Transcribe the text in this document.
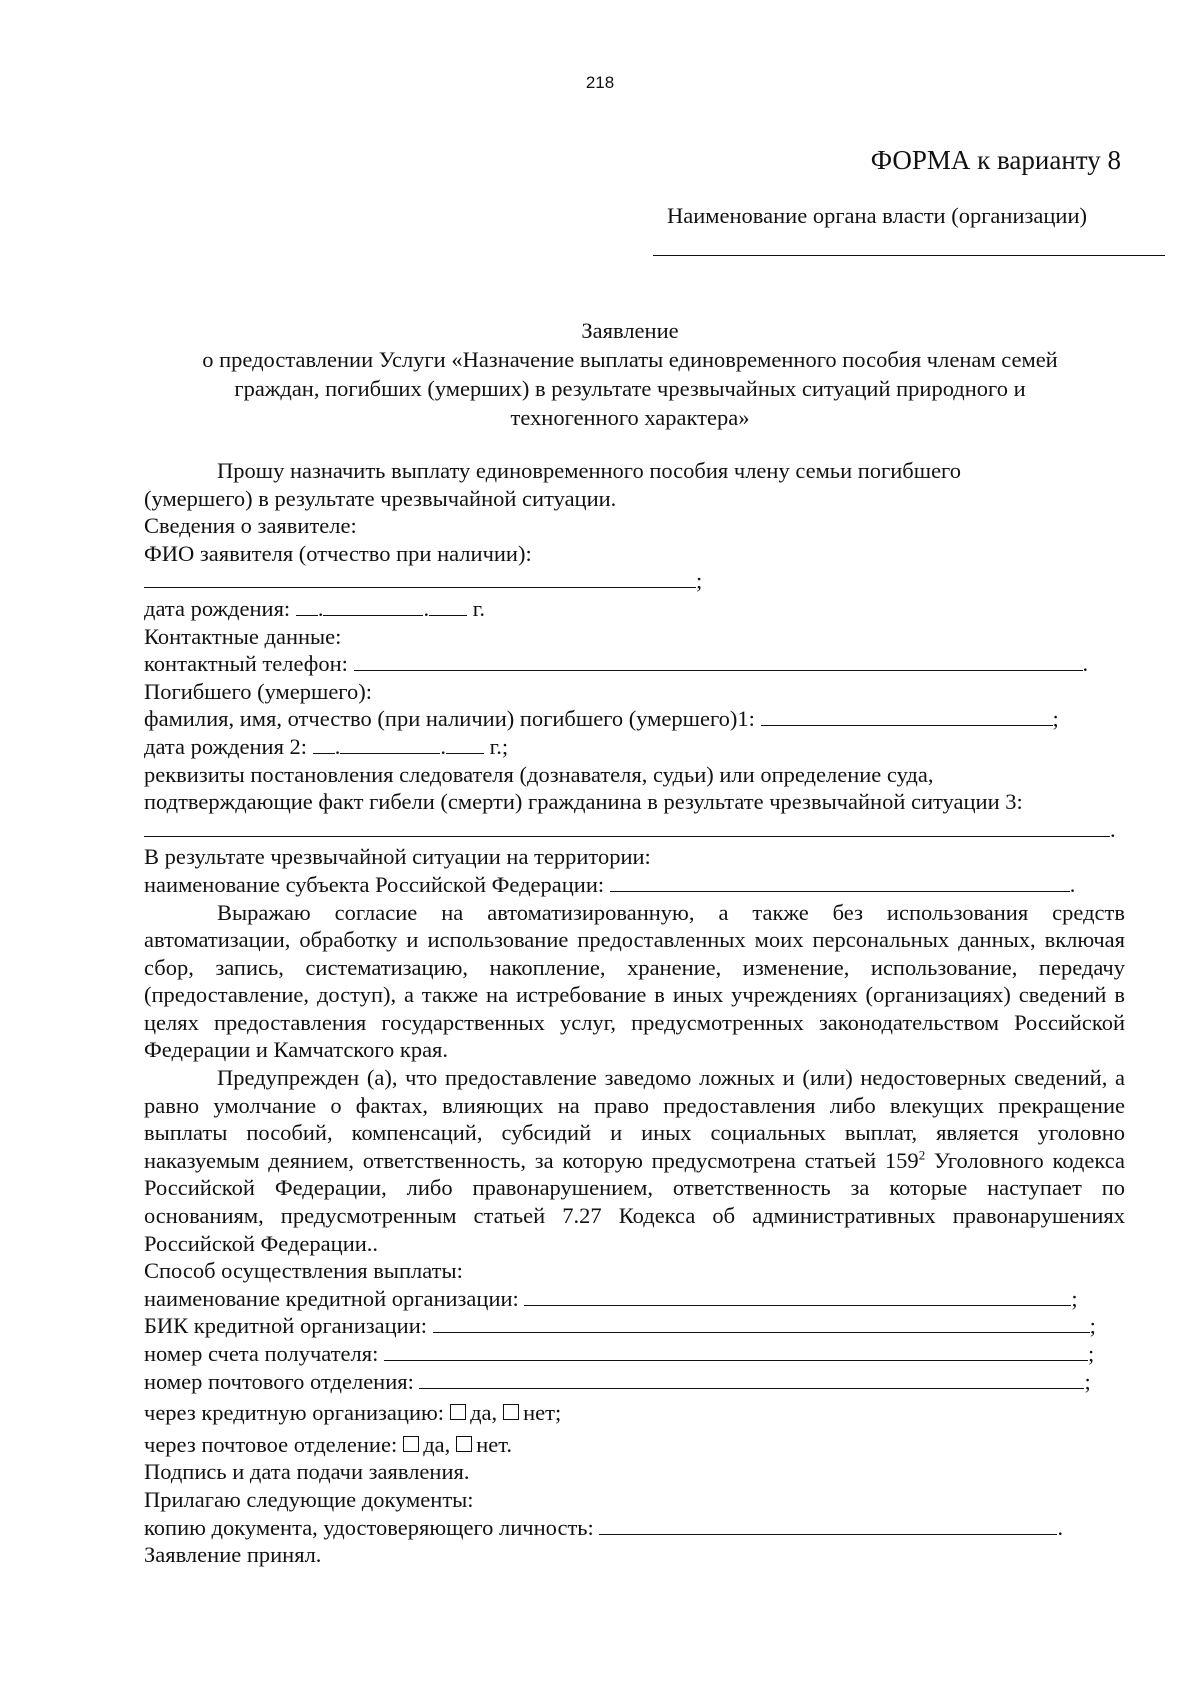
218
ФОРМА к варианту 8
Наименование органа власти (организации)
Заявление
о предоставлении Услуги «Назначение выплаты единовременного пособия членам семей
граждан, погибших (умерших) в результате чрезвычайных ситуаций природного и
техногенного характера»
Прошу назначить выплату единовременного пособия члену семьи погибшего
(умершего) в результате чрезвычайной ситуации.
Сведения о заявителе:
ФИО заявителя (отчество при наличии):
;
дата рождения:
.	.
г.
Контактные данные:
контактный телефон:
	.
Погибшего (умершего):
фамилия, имя, отчество (при наличии) погибшего (умершего)1:
	;
дата рождения 2:
.	.
г.;
реквизиты постановления следователя (дознавателя, судьи) или определение суда,
подтверждающие факт гибели (смерти) гражданина в результате чрезвычайной ситуации 3:
.
В результате чрезвычайной ситуации на территории:
наименование субъекта Российской Федерации:
	.
Выражаю согласие на автоматизированную, а также без использования средств автоматизации, обработку и использование предоставленных моих персональных данных, включая сбор, запись, систематизацию, накопление, хранение, изменение, использование, передачу (предоставление, доступ), а также на истребование в иных учреждениях (организациях) сведений в целях предоставления государственных услуг, предусмотренных законодательством Российской Федерации и Камчатского края.
Предупрежден (а), что предоставление заведомо ложных и (или) недостоверных сведений, а равно умолчание о фактах, влияющих на право предоставления либо влекущих прекращение выплаты пособий, компенсаций, субсидий и иных социальных выплат, является уголовно наказуемым деянием, ответственность, за которую предусмотрена статьей $159^2$ Уголовного кодекса Российской Федерации, либо правонарушением, ответственность за которые наступает по основаниям, предусмотренным статьей 7.27 Кодекса об административных правонарушениях Российской Федерации..
Способ осуществления выплаты:
наименование кредитной организации:
	;
БИК кредитной организации:
	;
номер счета получателя:
	;
номер почтового отделения:
	;
через кредитную организацию: да, нет;
через почтовое отделение: да, нет.
Подпись и дата подачи заявления.
Прилагаю следующие документы:
копию документа, удостоверяющего личность:
	.
Заявление принял.
